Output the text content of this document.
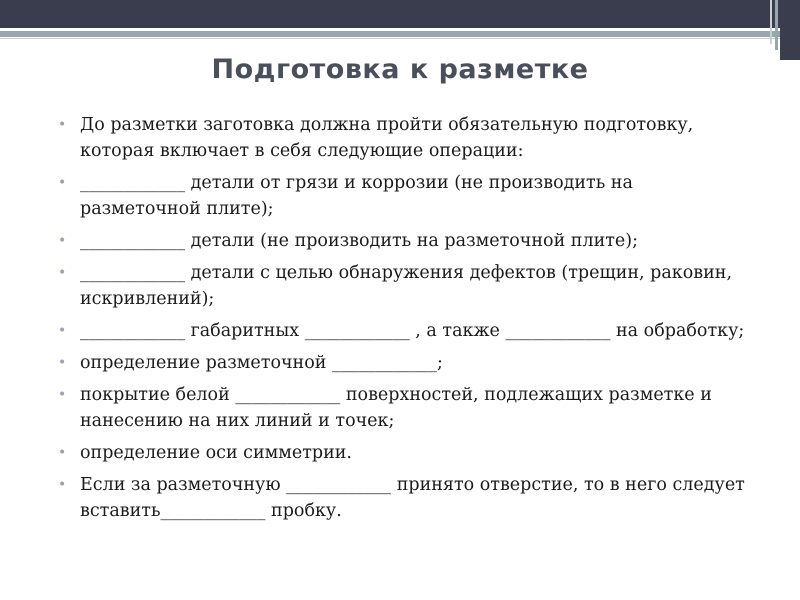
Подготовка к разметке
• До разметки заготовка должна пройти обязательную подготовку, которая включает в себя следующие операции:
• ____________ детали от грязи и коррозии (не производить на разметочной плите);
• ____________ детали (не производить на разметочной плите);
• ____________ детали с целью обнаружения дефектов (трещин, раковин, искривлений);
• ____________ габаритных ____________ , а также ____________ на обработку;
• определение разметочной ____________;
• покрытие белой ____________ поверхностей, подлежащих разметке и нанесению на них линий и точек;
• определение оси симметрии.
• Если за разметочную ____________ принято отверстие, то в него следует вставить____________ пробку.
